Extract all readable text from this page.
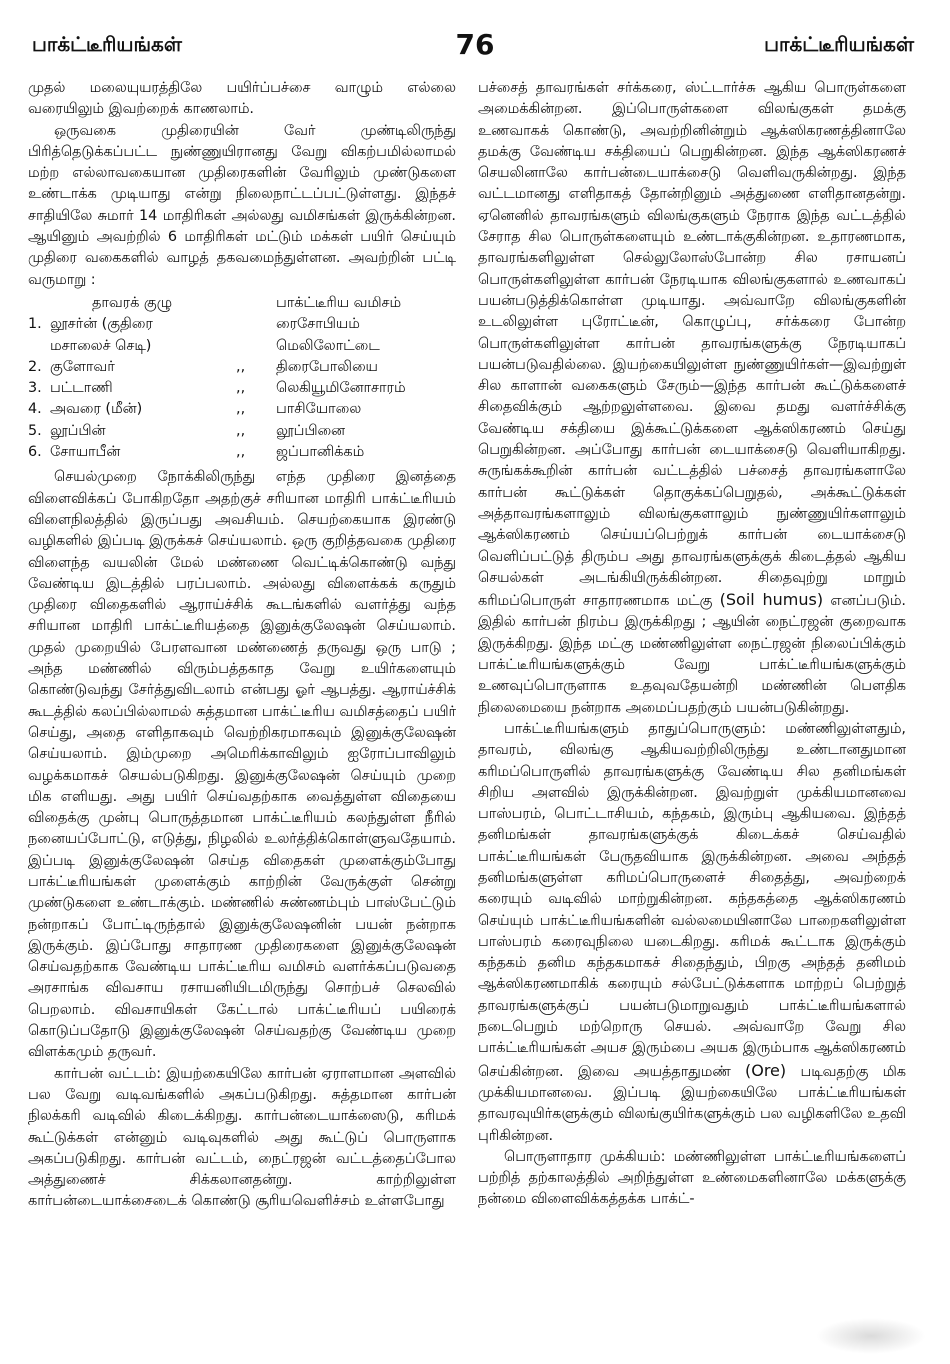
பாக்ட்டீரியங்கள்	76	பாக்ட்டீரியங்கள்

முதல் மலையுயரத்திலே பயிர்ப்பச்சை வாழும் எல்லை வரையிலும் இவற்றைக் காணலாம்.

ஒருவகை முதிரையின் வேர் முண்டிலிருந்து பிரித்தெடுக்கப்பட்ட நுண்ணுயிரானது வேறு விகற்பமில்லாமல் மற்ற எல்லாவகையான முதிரைகளின் வேரிலும் முண்டுகளை உண்டாக்க முடியாது என்று நிலைநாட்டப்பட்டுள்ளது. இந்தச் சாதியிலே சுமார் 14 மாதிரிகள் அல்லது வமிசங்கள் இருக்கின்றன. ஆயினும் அவற்றில் 6 மாதிரிகள் மட்டும் மக்கள் பயிர் செய்யும் முதிரை வகைகளில் வாழத் தகவமைந்துள்ளன. அவற்றின் பட்டி வருமாறு :

தாவரக் குழு		பாக்ட்டீரிய வமிசம்
1. லூசர்ன் (குதிரை		ரைசோபியம்
மசாலைச் செடி)		மெலிலோட்டை
2. குளோவர்	,,	திரைபோலியை
3. பட்டாணி	,,	லெகியூமினோசாரம்
4. அவரை (மீன்)	,,	பாசியோலை
5. லூப்பின்	,,	லூப்பினை
6. சோயாபீன்	,,	ஜப்பானிக்கம்

செயல்முறை நோக்கிலிருந்து எந்த முதிரை இனத்தை விளைவிக்கப் போகிறதோ அதற்குச் சரியான மாதிரி பாக்ட்டீரியம் விளைநிலத்தில் இருப்பது அவசியம். செயற்கையாக இரண்டு வழிகளில் இப்படி இருக்கச் செய்யலாம். ஒரு குறித்தவகை முதிரை விளைந்த வயலின் மேல் மண்ணை வெட்டிக்கொண்டு வந்து வேண்டிய இடத்தில் பரப்பலாம். அல்லது விளைக்கக் கருதும் முதிரை விதைகளில் ஆராய்ச்சிக் கூடங்களில் வளர்த்து வந்த சரியான மாதிரி பாக்ட்டீரியத்தை இனுக்குலேஷன் செய்யலாம். முதல் முறையில் பேரளவான மண்ணைத் தருவது ஒரு பாடு ; அந்த மண்ணில் விரும்பத்தகாத வேறு உயிர்களையும் கொண்டுவந்து சேர்த்துவிடலாம் என்பது ஓர் ஆபத்து. ஆராய்ச்சிக் கூடத்தில் கலப்பில்லாமல் சுத்தமான பாக்ட்டீரிய வமிசத்தைப் பயிர் செய்து, அதை எளிதாகவும் வெற்றிகரமாகவும் இனுக்குலேஷன் செய்யலாம். இம்முறை அமெரிக்காவிலும் ஐரோப்பாவிலும் வழக்கமாகச் செயல்படுகிறது. இனுக்குலேஷன் செய்யும் முறை மிக எளியது. அது பயிர் செய்வதற்காக வைத்துள்ள விதையை விதைக்கு முன்பு பொருத்தமான பாக்ட்டீரியம் கலந்துள்ள நீரில் நனையப்போட்டு, எடுத்து, நிழலில் உலர்த்திக்கொள்ளுவதேயாம். இப்படி இனுக்குலேஷன் செய்த விதைகள் முளைக்கும்போது பாக்ட்டீரியங்கள் முளைக்கும் காற்றின் வேருக்குள் சென்று முண்டுகளை உண்டாக்கும். மண்ணில் சுண்ணம்பும் பாஸ்பேட்டும் நன்றாகப் போட்டிருந்தால் இனுக்குலேஷனின் பயன் நன்றாக இருக்கும். இப்போது சாதாரண முதிரைகளை இனுக்குலேஷன் செய்வதற்காக வேண்டிய பாக்ட்டீரிய வமிசம் வளர்க்கப்படுவதை அரசாங்க விவசாய ரசாயனியிடமிருந்து சொற்பச் செலவில் பெறலாம். விவசாயிகள் கேட்டால் பாக்ட்டீரியப் பயிரைக் கொடுப்பதோடு இனுக்குலேஷன் செய்வதற்கு வேண்டிய முறை விளக்கமும் தருவர்.

கார்பன் வட்டம்: இயற்கையிலே கார்பன் ஏராளமான அளவில் பல வேறு வடிவங்களில் அகப்படுகிறது. சுத்தமான கார்பன் நிலக்கரி வடிவில் கிடைக்கிறது. கார்பன்டையாக்ஸைடு, கரிமக் கூட்டுக்கள் என்னும் வடிவுகளில் அது கூட்டுப் பொருளாக அகப்படுகிறது. கார்பன் வட்டம், நைட்ரஜன் வட்டத்தைப்போல அத்துணைச் சிக்கலானதன்று. காற்றிலுள்ள கார்பன்டையாக்சைடைக் கொண்டு சூரியவெளிச்சம் உள்ளபோது

பச்சைத் தாவரங்கள் சர்க்கரை, ஸ்ட்டார்ச்சு ஆகிய பொருள்களை அமைக்கின்றன. இப்பொருள்களை விலங்குகள் தமக்கு உணவாகக் கொண்டு, அவற்றினின்றும் ஆக்ஸிகரணத்தினாலே தமக்கு வேண்டிய சக்தியைப் பெறுகின்றன. இந்த ஆக்ஸிகரணச் செயலினாலே கார்பன்டையாக்சைடு வெளிவருகின்றது. இந்த வட்டமானது எளிதாகத் தோன்றினும் அத்துணை எளிதானதன்று. ஏனெனில் தாவரங்களும் விலங்குகளும் நேராக இந்த வட்டத்தில் சேராத சில பொருள்களையும் உண்டாக்குகின்றன. உதாரணமாக, தாவரங்களிலுள்ள செல்லுலோஸ்போன்ற சில ரசாயனப் பொருள்களிலுள்ள கார்பன் நேரடியாக விலங்குகளால் உணவாகப் பயன்படுத்திக்கொள்ள முடியாது. அவ்வாறே விலங்குகளின் உடலிலுள்ள புரோட்டீன், கொழுப்பு, சர்க்கரை போன்ற பொருள்களிலுள்ள கார்பன் தாவரங்களுக்கு நேரடியாகப் பயன்படுவதில்லை. இயற்கையிலுள்ள நுண்ணுயிர்கள்—இவற்றுள் சில காளான் வகைகளும் சேரும்—இந்த கார்பன் கூட்டுக்களைச் சிதைவிக்கும் ஆற்றலுள்ளவை. இவை தமது வளர்ச்சிக்கு வேண்டிய சக்தியை இக்கூட்டுக்களை ஆக்ஸிகரணம் செய்து பெறுகின்றன. அப்போது கார்பன் டையாக்சைடு வெளியாகிறது. சுருங்கக்கூறின் கார்பன் வட்டத்தில் பச்சைத் தாவரங்களாலே கார்பன் கூட்டுக்கள் தொகுக்கப்பெறுதல், அக்கூட்டுக்கள் அத்தாவரங்களாலும் விலங்குகளாலும் நுண்ணுயிர்களாலும் ஆக்ஸிகரணம் செய்யப்பெற்றுக் கார்பன் டையாக்சைடு வெளிப்பட்டுத் திரும்ப அது தாவரங்களுக்குக் கிடைத்தல் ஆகிய செயல்கள் அடங்கியிருக்கின்றன. சிதைவுற்று மாறும் கரிமப்பொருள் சாதாரணமாக மட்கு (Soil humus) எனப்படும். இதில் கார்பன் நிரம்ப இருக்கிறது ; ஆயின் நைட்ரஜன் குறைவாக இருக்கிறது. இந்த மட்கு மண்ணிலுள்ள நைட்ரஜன் நிலைப்பிக்கும் பாக்ட்டீரியங்களுக்கும் வேறு பாக்ட்டீரியங்களுக்கும் உணவுப்பொருளாக உதவுவதேயன்றி மண்ணின் பௌதிக நிலைமையை நன்றாக அமைப்பதற்கும் பயன்படுகின்றது.

பாக்ட்டீரியங்களும் தாதுப்பொருளும்: மண்ணிலுள்ளதும், தாவரம், விலங்கு ஆகியவற்றிலிருந்து உண்டானதுமான கரிமப்பொருளில் தாவரங்களுக்கு வேண்டிய சில தனிமங்கள் சிறிய அளவில் இருக்கின்றன. இவற்றுள் முக்கியமானவை பாஸ்பரம், பொட்டாசியம், கந்தகம், இரும்பு ஆகியவை. இந்தத் தனிமங்கள் தாவரங்களுக்குக் கிடைக்கச் செய்வதில் பாக்ட்டீரியங்கள் பேருதவியாக இருக்கின்றன. அவை அந்தத் தனிமங்களுள்ள கரிமப்பொருளைச் சிதைத்து, அவற்றைக் கரையும் வடிவில் மாற்றுகின்றன. கந்தகத்தை ஆக்ஸிகரணம் செய்யும் பாக்ட்டீரியங்களின் வல்லமையினாலே பாறைகளிலுள்ள பாஸ்பரம் கரைவுநிலை யடைகிறது. கரிமக் கூட்டாக இருக்கும் கந்தகம் தனிம கந்தகமாகச் சிதைந்தும், பிறகு அந்தத் தனிமம் ஆக்ஸிகரணமாகிக் கரையும் சல்பேட்டுக்களாக மாற்றப் பெற்றுத் தாவரங்களுக்குப் பயன்படுமாறுவதும் பாக்ட்டீரியங்களால் நடைபெறும் மற்றொரு செயல். அவ்வாறே வேறு சில பாக்ட்டீரியங்கள் அயச இரும்பை அயக இரும்பாக ஆக்ஸிகரணம் செய்கின்றன. இவை அயத்தாதுமண் (Ore) படிவதற்கு மிக முக்கியமானவை. இப்படி இயற்கையிலே பாக்ட்டீரியங்கள் தாவரவுயிர்களுக்கும் விலங்குயிர்களுக்கும் பல வழிகளிலே உதவி புரிகின்றன.

பொருளாதார முக்கியம்: மண்ணிலுள்ள பாக்ட்டீரியங்களைப் பற்றித் தற்காலத்தில் அறிந்துள்ள உண்மைகளினாலே மக்களுக்கு நன்மை விளைவிக்கத்தக்க பாக்ட்-
